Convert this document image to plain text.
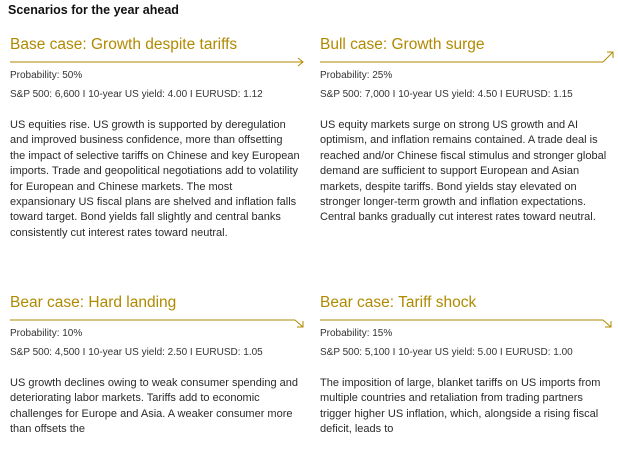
Scenarios for the year ahead
Base case: Growth despite tariffs
Probability: 50%
S&P 500: 6,600 I 10-year US yield: 4.00 I EURUSD: 1.12
US equities rise. US growth is supported by deregulation and improved business confidence, more than offsetting the impact of selective tariffs on Chinese and key European imports. Trade and geopolitical negotiations add to volatility for European and Chinese markets. The most expansionary US fiscal plans are shelved and inflation falls toward target. Bond yields fall slightly and central banks consistently cut interest rates toward neutral.
Bull case: Growth surge
Probability: 25%
S&P 500: 7,000 I 10-year US yield: 4.50 I EURUSD: 1.15
US equity markets surge on strong US growth and AI optimism, and inflation remains contained. A trade deal is reached and/or Chinese fiscal stimulus and stronger global demand are sufficient to support European and Asian markets, despite tariffs. Bond yields stay elevated on stronger longer-term growth and inflation expectations. Central banks gradually cut interest rates toward neutral.
Bear case: Hard landing
Probability: 10%
S&P 500: 4,500 I 10-year US yield: 2.50 I EURUSD: 1.05
US growth declines owing to weak consumer spending and deteriorating labor markets. Tariffs add to economic challenges for Europe and Asia. A weaker consumer more than offsets the
Bear case: Tariff shock
Probability: 15%
S&P 500: 5,100 I 10-year US yield: 5.00 I EURUSD: 1.00
The imposition of large, blanket tariffs on US imports from multiple countries and retaliation from trading partners trigger higher US inflation, which, alongside a rising fiscal deficit, leads to
